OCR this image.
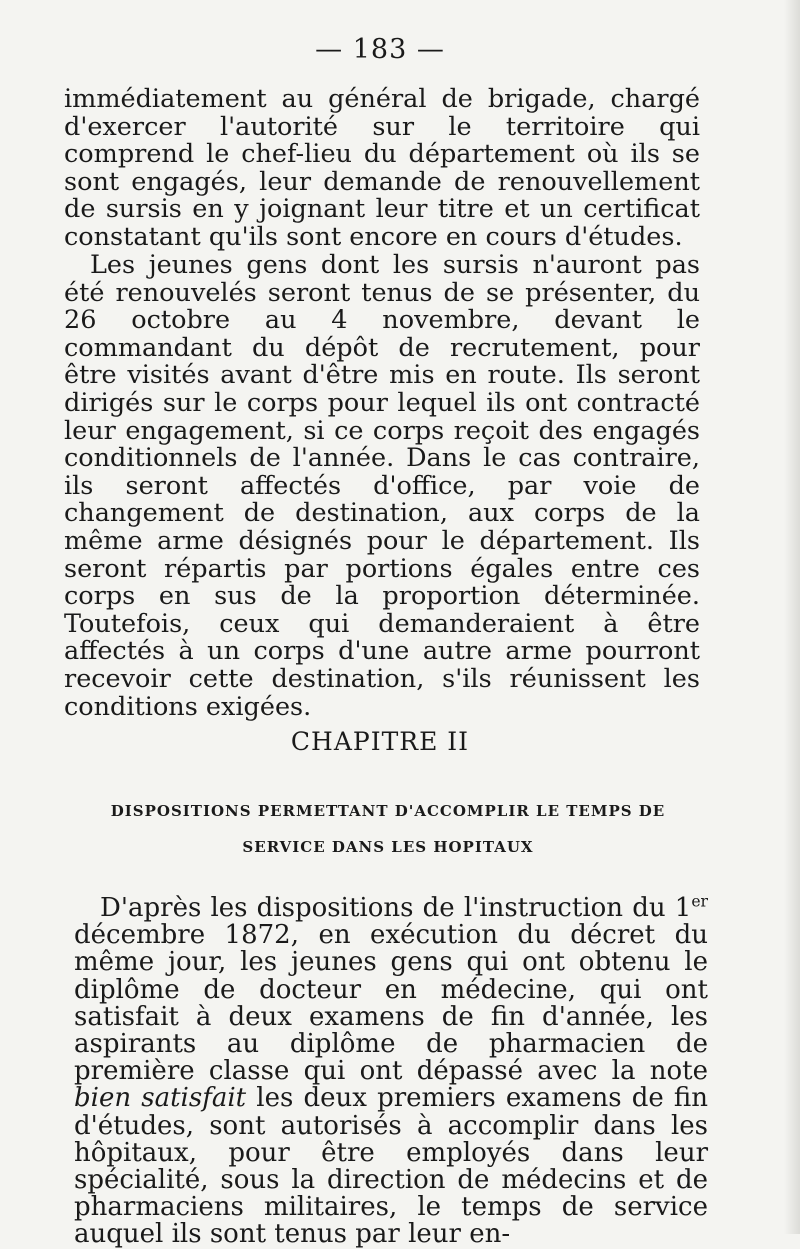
— 183 —

immédiatement au général de brigade, chargé d'exercer l'autorité sur le territoire qui comprend le chef-lieu du département où ils se sont engagés, leur demande de renouvellement de sursis en y joignant leur titre et un certificat constatant qu'ils sont encore en cours d'études.

Les jeunes gens dont les sursis n'auront pas été renouvelés seront tenus de se présenter, du 26 octobre au 4 novembre, devant le commandant du dépôt de recrutement, pour être visités avant d'être mis en route. Ils seront dirigés sur le corps pour lequel ils ont contracté leur engagement, si ce corps reçoit des engagés conditionnels de l'année. Dans le cas contraire, ils seront affectés d'office, par voie de changement de destination, aux corps de la même arme désignés pour le département. Ils seront répartis par portions égales entre ces corps en sus de la proportion déterminée. Toutefois, ceux qui demanderaient à être affectés à un corps d'une autre arme pourront recevoir cette destination, s'ils réunissent les conditions exigées.

CHAPITRE II
DISPOSITIONS PERMETTANT D'ACCOMPLIR LE TEMPS DE
SERVICE DANS LES HOPITAUX

D'après les dispositions de l'instruction du 1er décembre 1872, en exécution du décret du même jour, les jeunes gens qui ont obtenu le diplôme de docteur en médecine, qui ont satisfait à deux examens de fin d'année, les aspirants au diplôme de pharmacien de première classe qui ont dépassé avec la note bien satisfait les deux premiers examens de fin d'études, sont autorisés à accomplir dans les hôpitaux, pour être employés dans leur spécialité, sous la direction de médecins et de pharmaciens militaires, le temps de service auquel ils sont tenus par leur en-
